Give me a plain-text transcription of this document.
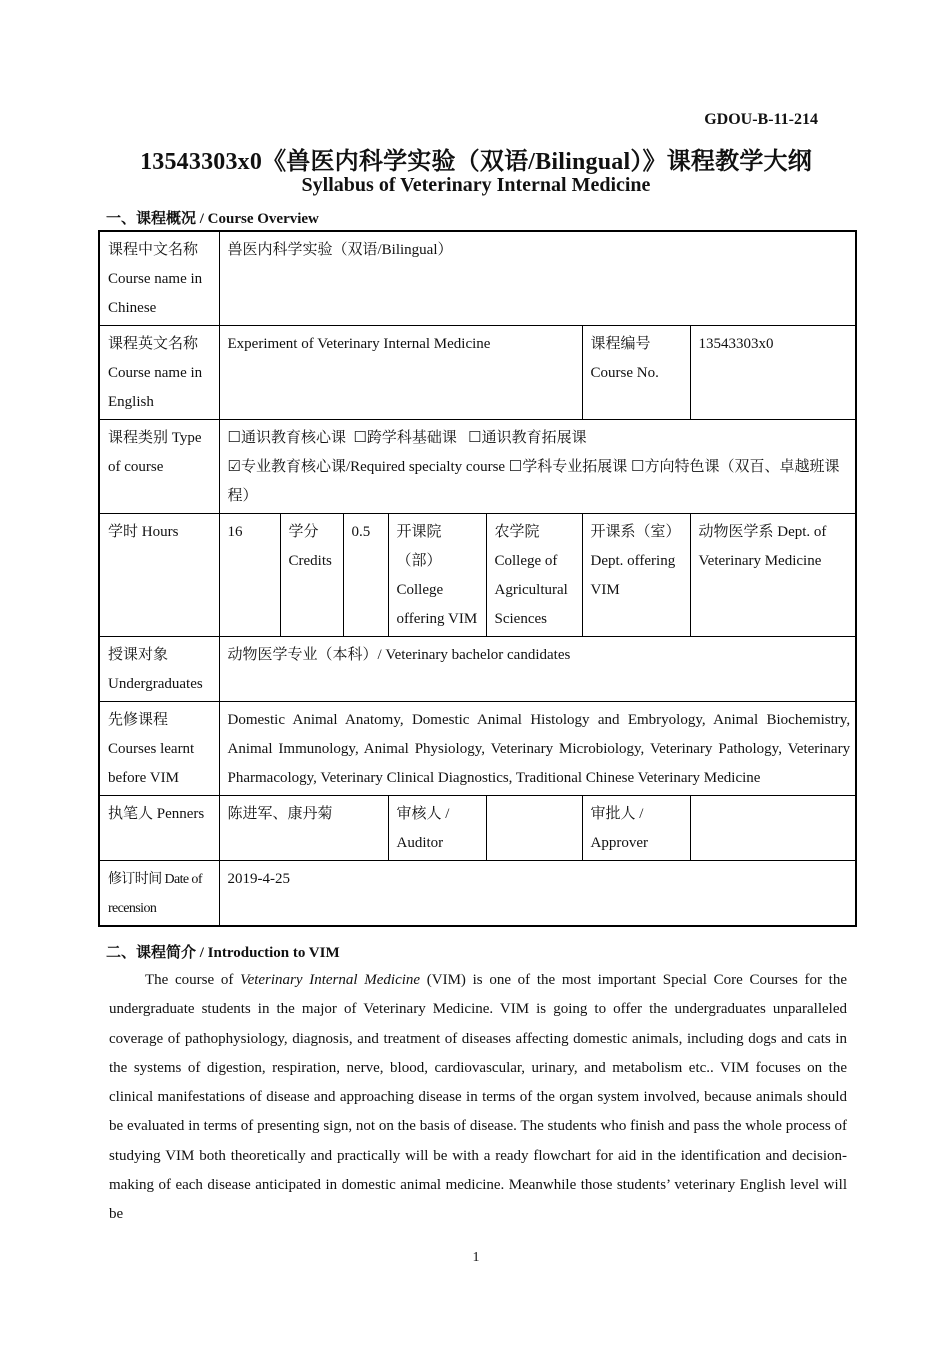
GDOU-B-11-214
13543303x0《兽医内科学实验（双语/Bilingual）》课程教学大纲
Syllabus of Veterinary Internal Medicine
一、课程概况 / Course Overview
课程中文名称 Course name in Chinese	兽医内科学实验（双语/Bilingual）						
课程英文名称 Course name in English	Experiment of Veterinary Internal Medicine					课程编号 Course No.	13543303x0
课程类别 Type of course	☐通识教育核心课  ☐跨学科基础课   ☐通识教育拓展课
☑专业教育核心课/Required specialty course ☐学科专业拓展课 ☐方向特色课（双百、卓越班课程）						

学时 Hours	16	学分 Credits	0.5	开课院（部） College offering VIM	农学院 College of Agricultural Sciences	开课系（室） Dept. offering VIM	动物医学系 Dept. of Veterinary Medicine
授课对象 Undergraduates	动物医学专业（本科）/ Veterinary bachelor candidates						
先修课程 Courses learnt before VIM	Domestic Animal Anatomy, Domestic Animal Histology and Embryology, Animal Biochemistry, Animal Immunology, Animal Physiology, Veterinary Microbiology, Veterinary Pathology, Veterinary Pharmacology, Veterinary Clinical Diagnostics, Traditional Chinese Veterinary Medicine						
执笔人 Penners	陈进军、康丹菊			审核人 / Auditor		审批人 / Approver	
修订时间 Date of recension	2019-4-25						
二、课程简介 / Introduction to VIM

The course of Veterinary Internal Medicine (VIM) is one of the most important Special Core Courses for the undergraduate students in the major of Veterinary Medicine. VIM is going to offer the undergraduates unparalleled coverage of pathophysiology, diagnosis, and treatment of diseases affecting domestic animals, including dogs and cats in the systems of digestion, respiration, nerve, blood, cardiovascular, urinary, and metabolism etc.. VIM focuses on the clinical manifestations of disease and approaching disease in terms of the organ system involved, because animals should be evaluated in terms of presenting sign, not on the basis of disease. The students who finish and pass the whole process of studying VIM both theoretically and practically will be with a ready flowchart for aid in the identification and decision-making of each disease anticipated in domestic animal medicine. Meanwhile those students’ veterinary English level will be

1
